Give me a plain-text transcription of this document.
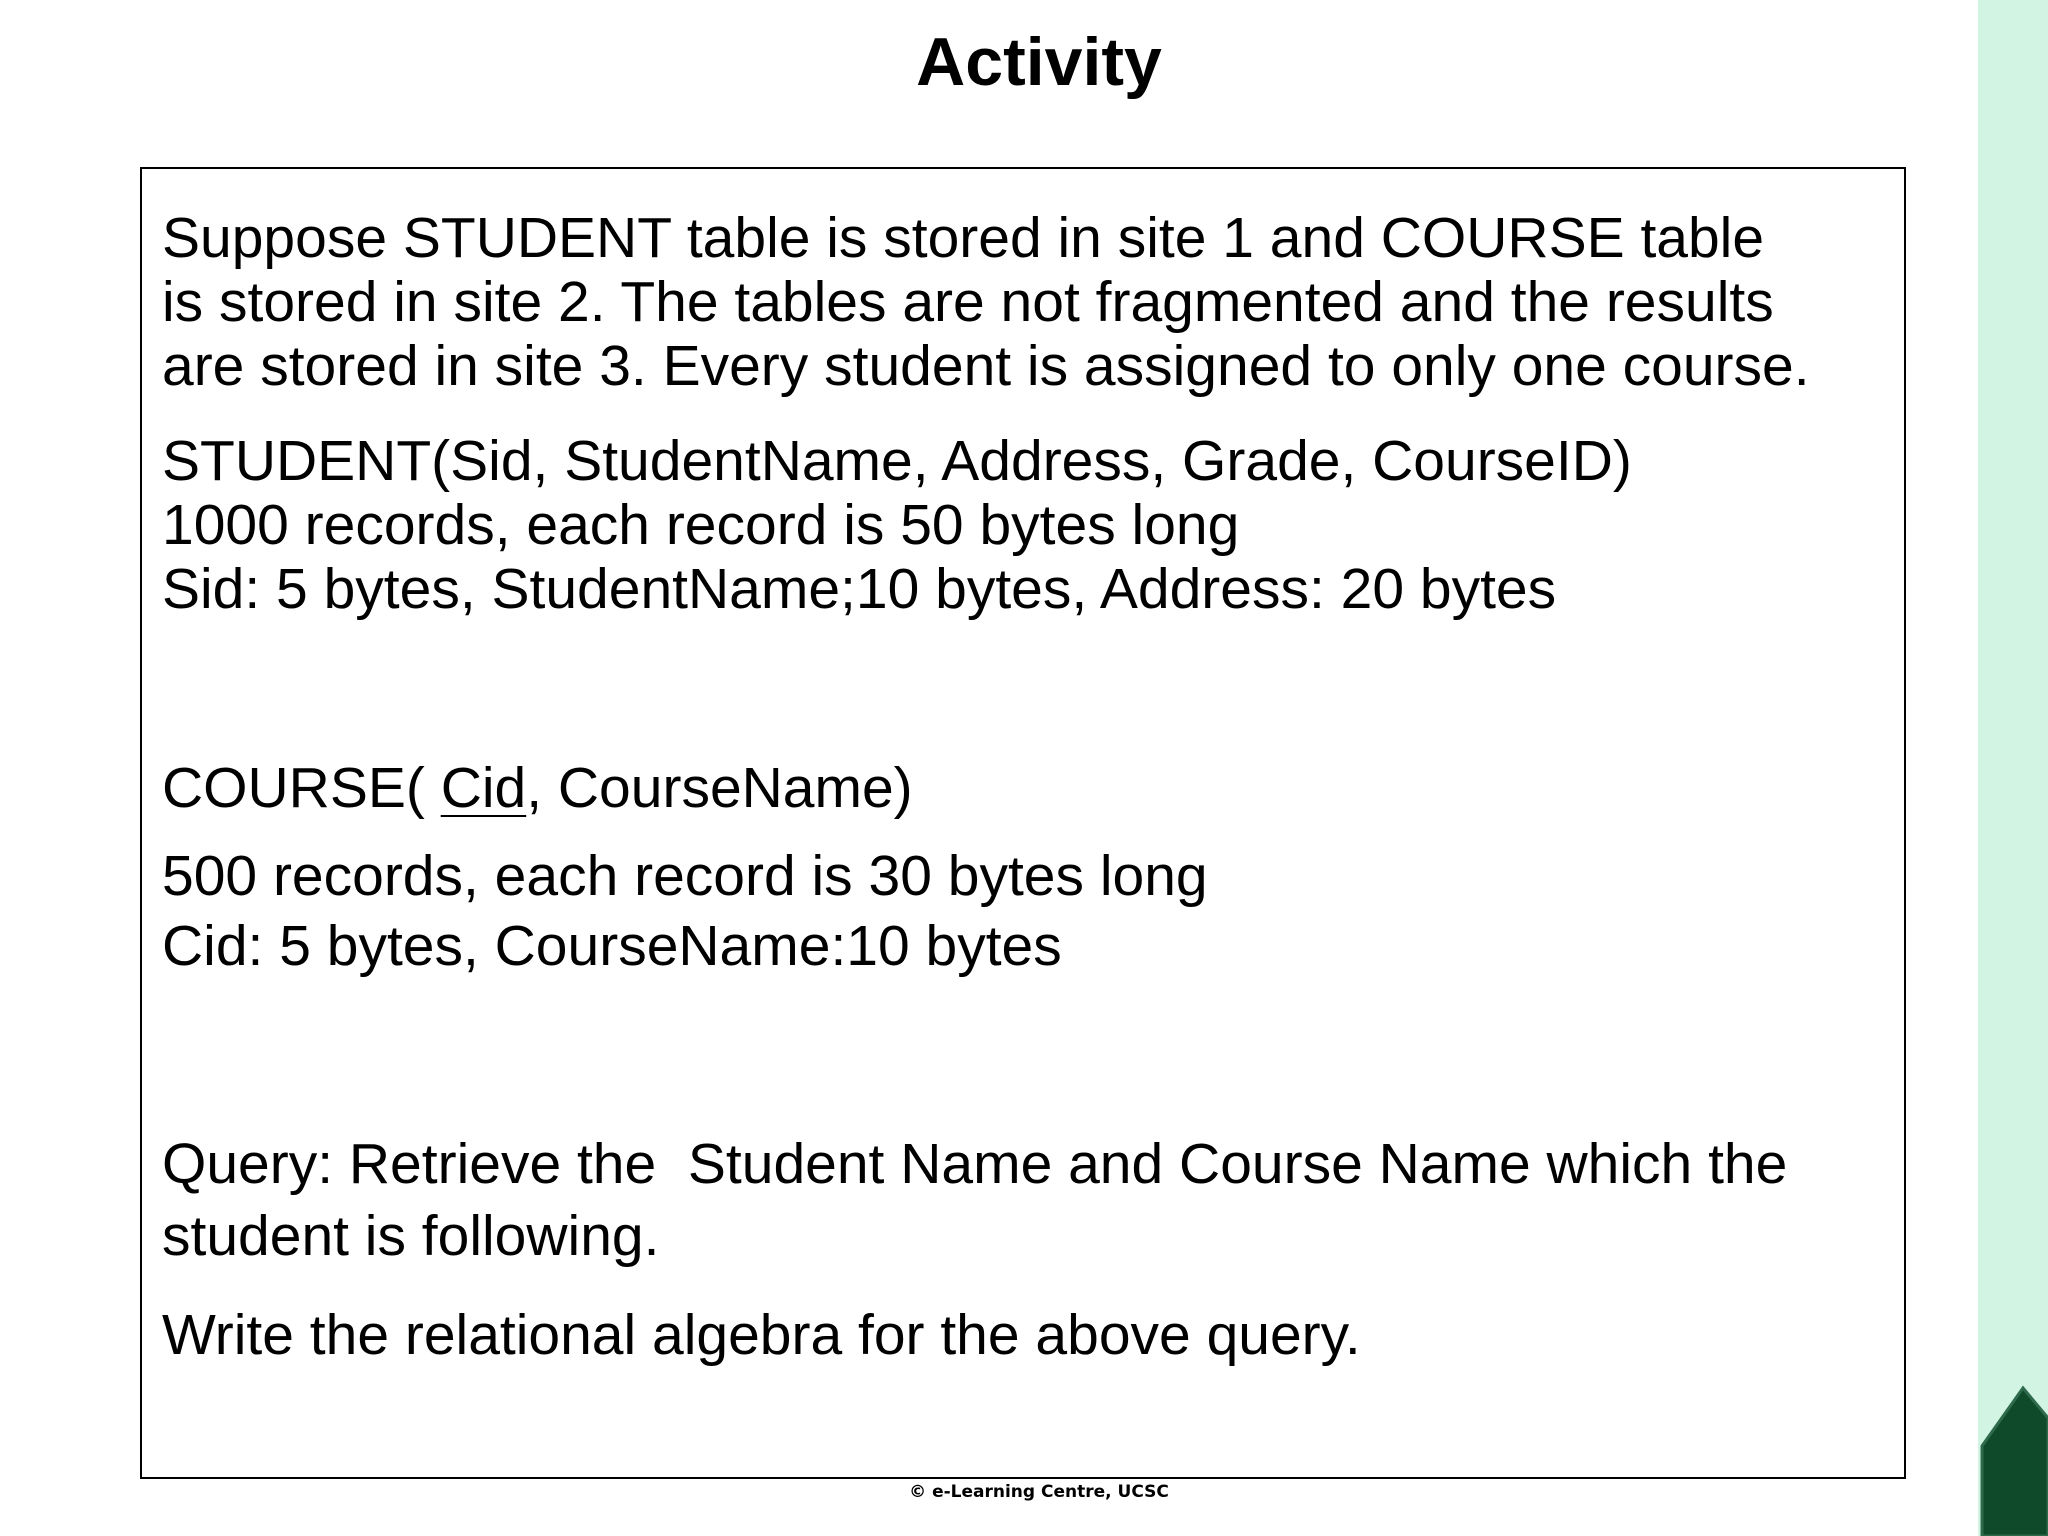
Activity
Suppose STUDENT table is stored in site 1 and COURSE table
is stored in site 2. The tables are not fragmented and the results
are stored in site 3. Every student is assigned to only one course.
STUDENT(Sid, StudentName, Address, Grade, CourseID)
1000 records, each record is 50 bytes long
Sid: 5 bytes, StudentName;10 bytes, Address: 20 bytes
COURSE( Cid, CourseName)
500 records, each record is 30 bytes long
Cid: 5 bytes, CourseName:10 bytes
Query: Retrieve the  Student Name and Course Name which the
student is following.
Write the relational algebra for the above query.
© e-Learning Centre, UCSC
